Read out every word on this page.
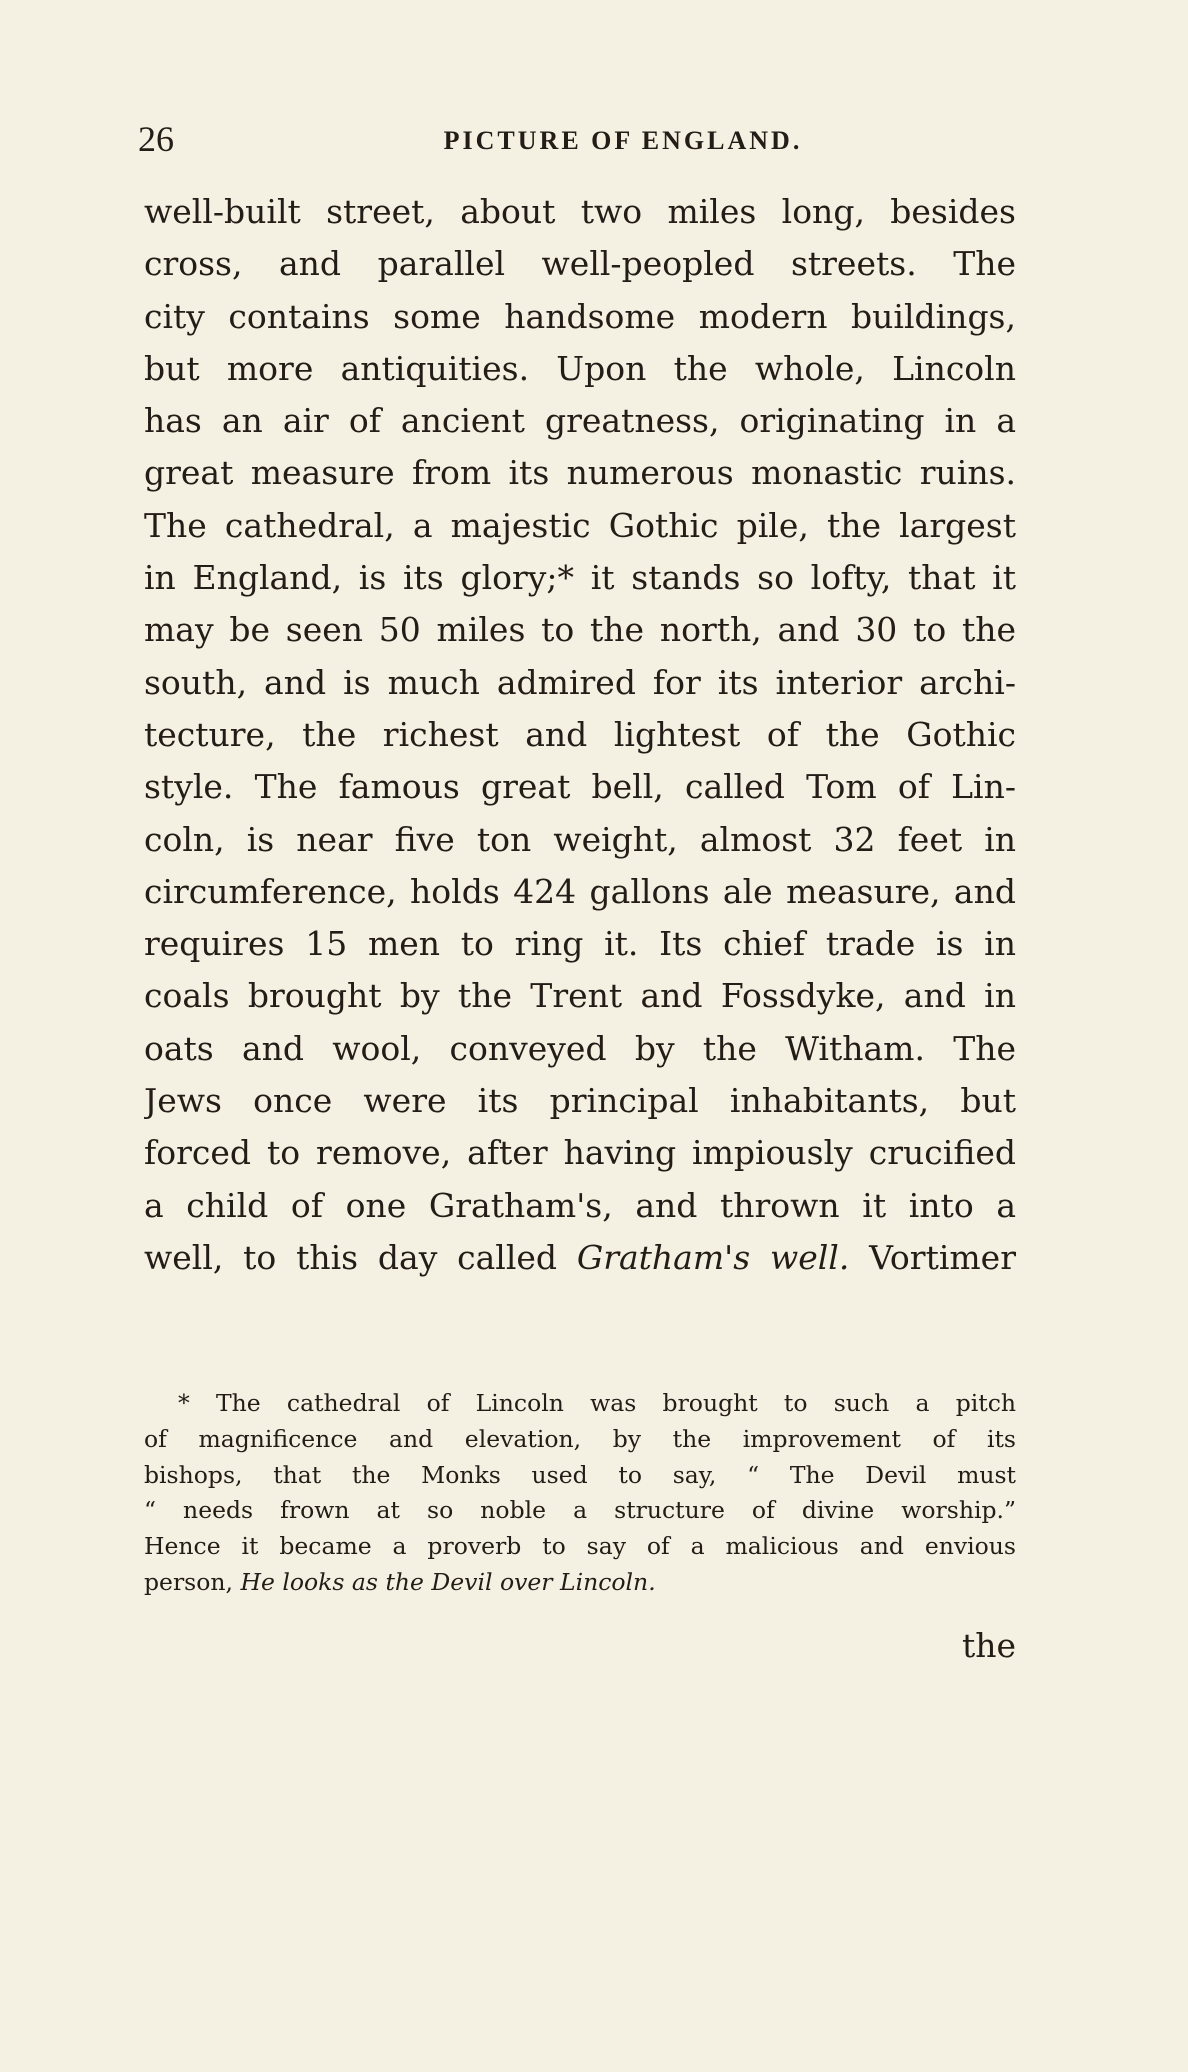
26	PICTURE OF ENGLAND.
well-built street, about two miles long, besides
cross, and parallel well-peopled streets. The
city contains some handsome modern buildings,
but more antiquities. Upon the whole, Lincoln
has an air of ancient greatness, originating in a
great measure from its numerous monastic ruins.
The cathedral, a majestic Gothic pile, the largest
in England, is its glory;* it stands so lofty, that it
may be seen 50 miles to the north, and 30 to the
south, and is much admired for its interior archi-
tecture, the richest and lightest of the Gothic
style. The famous great bell, called Tom of Lin-
coln, is near five ton weight, almost 32 feet in
circumference, holds 424 gallons ale measure, and
requires 15 men to ring it. Its chief trade is in
coals brought by the Trent and Fossdyke, and in
oats and wool, conveyed by the Witham. The
Jews once were its principal inhabitants, but
forced to remove, after having impiously crucified
a child of one Gratham's, and thrown it into a
well, to this day called Gratham's well. Vortimer
* The cathedral of Lincoln was brought to such a pitch
of magnificence and elevation, by the improvement of its
bishops, that the Monks used to say, “ The Devil must
“ needs frown at so noble a structure of divine worship.”
Hence it became a proverb to say of a malicious and envious
person, He looks as the Devil over Lincoln.
the
